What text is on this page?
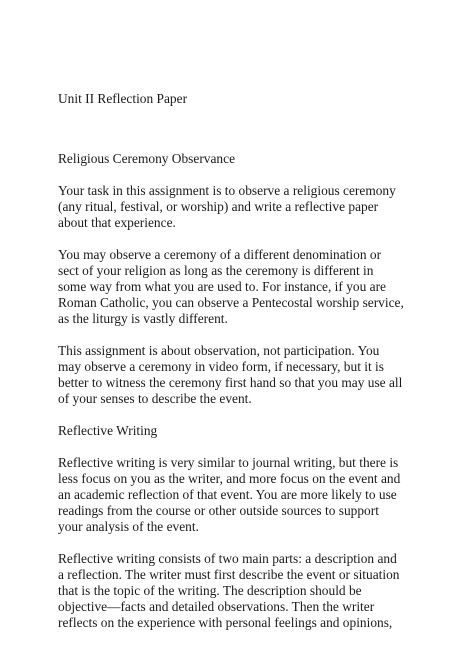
Unit II Reflection Paper
Religious Ceremony Observance
Your task in this assignment is to observe a religious ceremony
(any ritual, festival, or worship) and write a reflective paper
about that experience.
You may observe a ceremony of a different denomination or
sect of your religion as long as the ceremony is different in
some way from what you are used to. For instance, if you are
Roman Catholic, you can observe a Pentecostal worship service,
as the liturgy is vastly different.
This assignment is about observation, not participation. You
may observe a ceremony in video form, if necessary, but it is
better to witness the ceremony first hand so that you may use all
of your senses to describe the event.
Reflective Writing
Reflective writing is very similar to journal writing, but there is
less focus on you as the writer, and more focus on the event and
an academic reflection of that event. You are more likely to use
readings from the course or other outside sources to support
your analysis of the event.
Reflective writing consists of two main parts: a description and
a reflection. The writer must first describe the event or situation
that is the topic of the writing. The description should be
objective—facts and detailed observations. Then the writer
reflects on the experience with personal feelings and opinions,
